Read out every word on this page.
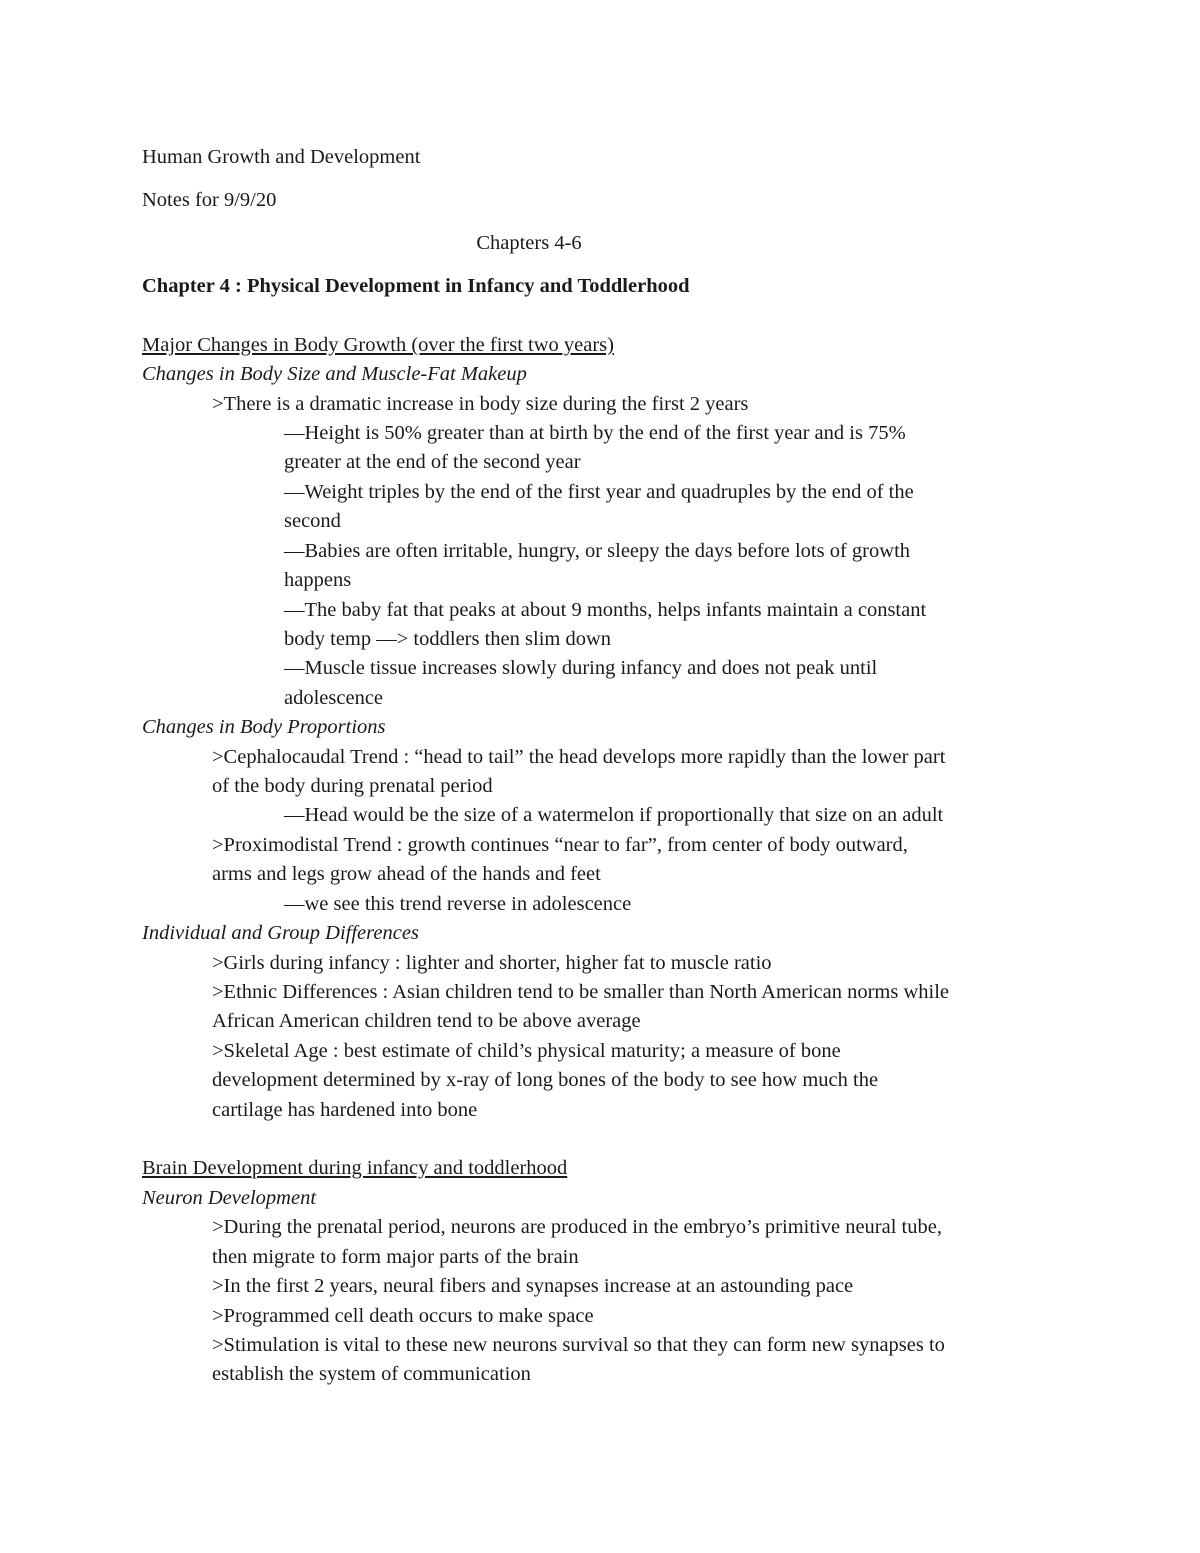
Human Growth and Development
Notes for 9/9/20
Chapters 4-6
Chapter 4 : Physical Development in Infancy and Toddlerhood
Major Changes in Body Growth (over the first two years)
Changes in Body Size and Muscle-Fat Makeup
>There is a dramatic increase in body size during the first 2 years
—Height is 50% greater than at birth by the end of the first year and is 75%
greater at the end of the second year
—Weight triples by the end of the first year and quadruples by the end of the
second
—Babies are often irritable, hungry, or sleepy the days before lots of growth
happens
—The baby fat that peaks at about 9 months, helps infants maintain a constant
body temp —> toddlers then slim down
—Muscle tissue increases slowly during infancy and does not peak until
adolescence
Changes in Body Proportions
>Cephalocaudal Trend : “head to tail” the head develops more rapidly than the lower part
of the body during prenatal period
—Head would be the size of a watermelon if proportionally that size on an adult
>Proximodistal Trend : growth continues “near to far”, from center of body outward,
arms and legs grow ahead of the hands and feet
—we see this trend reverse in adolescence
Individual and Group Differences
>Girls during infancy : lighter and shorter, higher fat to muscle ratio
>Ethnic Differences : Asian children tend to be smaller than North American norms while
African American children tend to be above average
>Skeletal Age : best estimate of child’s physical maturity; a measure of bone
development determined by x-ray of long bones of the body to see how much the
cartilage has hardened into bone
Brain Development during infancy and toddlerhood
Neuron Development
>During the prenatal period, neurons are produced in the embryo’s primitive neural tube,
then migrate to form major parts of the brain
>In the first 2 years, neural fibers and synapses increase at an astounding pace
>Programmed cell death occurs to make space
>Stimulation is vital to these new neurons survival so that they can form new synapses to
establish the system of communication
